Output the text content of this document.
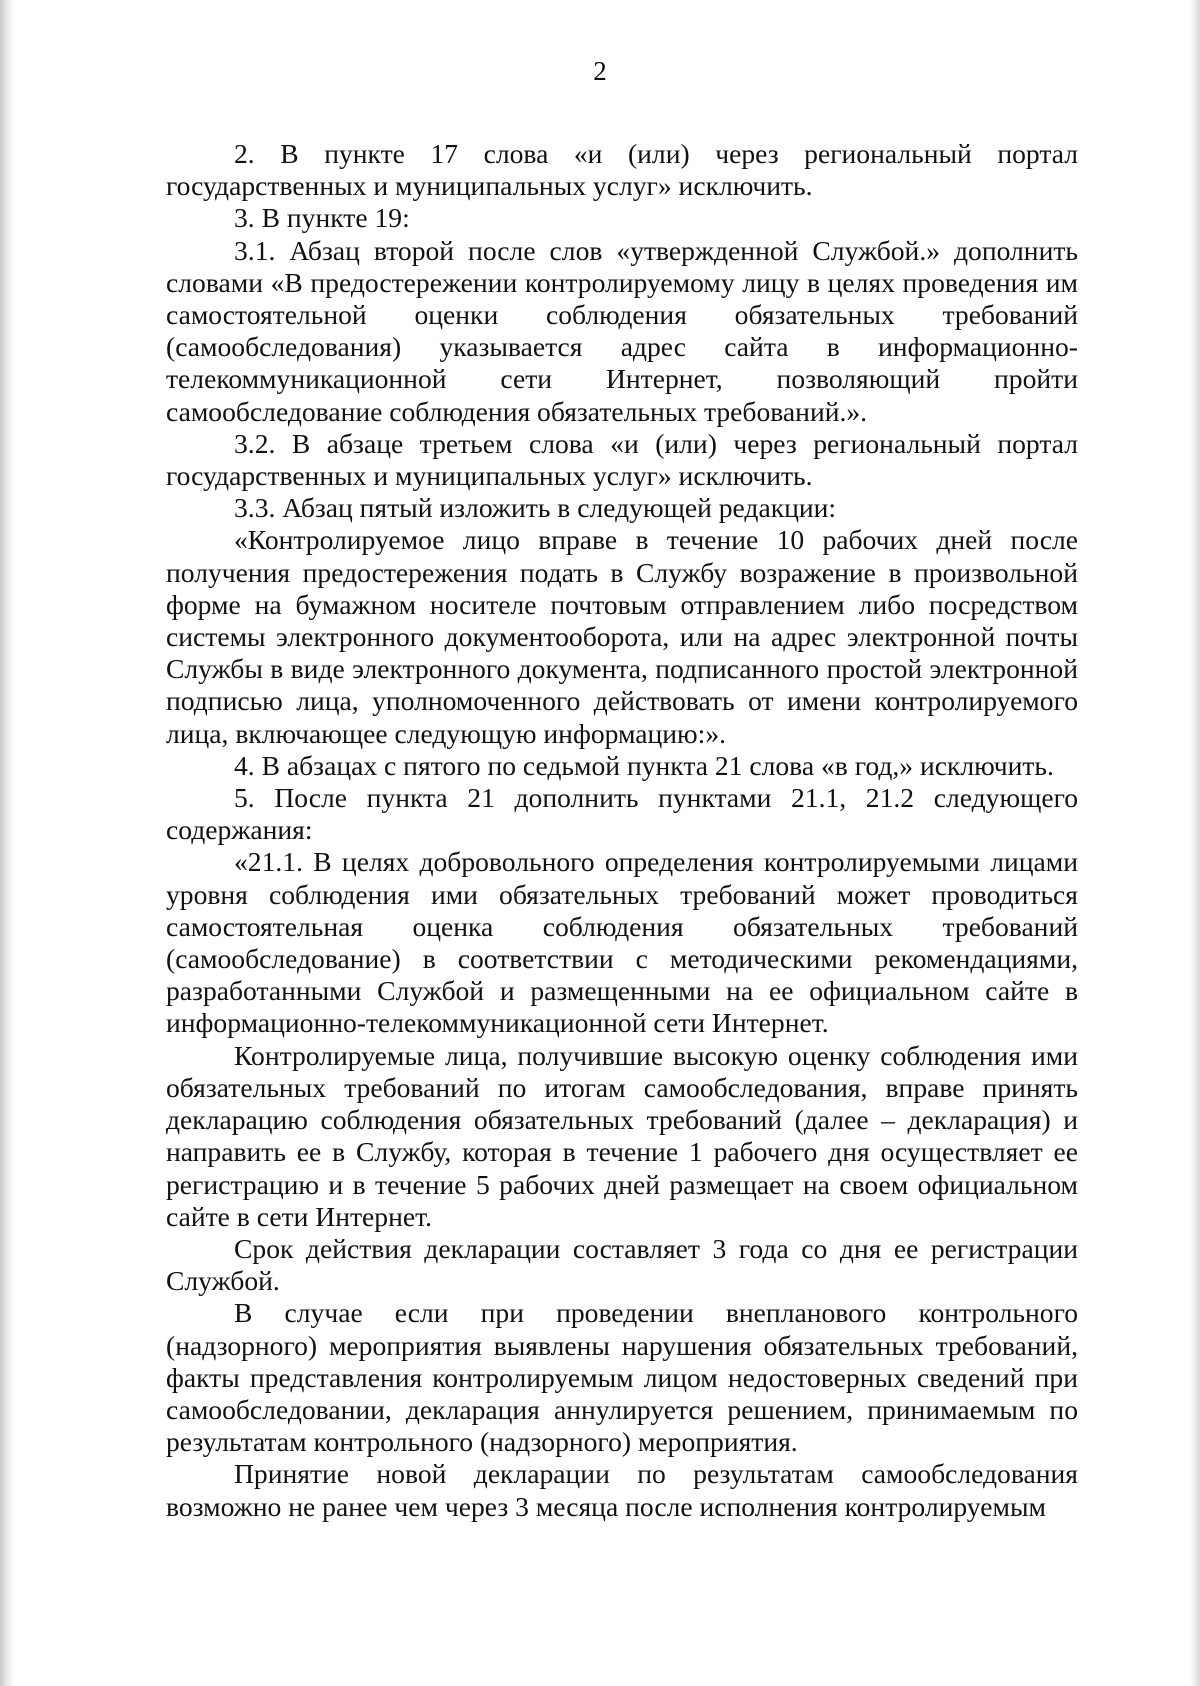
2

2. В пункте 17 слова «и (или) через региональный портал государственных и муниципальных услуг» исключить.

3. В пункте 19:

3.1. Абзац второй после слов «утвержденной Службой.» дополнить словами «В предостережении контролируемому лицу в целях проведения им самостоятельной оценки соблюдения обязательных требований (самообследования) указывается адрес сайта в информационно-телекоммуникационной сети Интернет, позволяющий пройти самообследование соблюдения обязательных требований.».

3.2. В абзаце третьем слова «и (или) через региональный портал государственных и муниципальных услуг» исключить.

3.3. Абзац пятый изложить в следующей редакции:

«Контролируемое лицо вправе в течение 10 рабочих дней после получения предостережения подать в Службу возражение в произвольной форме на бумажном носителе почтовым отправлением либо посредством системы электронного документооборота, или на адрес электронной почты Службы в виде электронного документа, подписанного простой электронной подписью лица, уполномоченного действовать от имени контролируемого лица, включающее следующую информацию:».

4. В абзацах с пятого по седьмой пункта 21 слова «в год,» исключить.

5. После пункта 21 дополнить пунктами 21.1, 21.2 следующего содержания:

«21.1. В целях добровольного определения контролируемыми лицами уровня соблюдения ими обязательных требований может проводиться самостоятельная оценка соблюдения обязательных требований (самообследование) в соответствии с методическими рекомендациями, разработанными Службой и размещенными на ее официальном сайте в информационно-телекоммуникационной сети Интернет.

Контролируемые лица, получившие высокую оценку соблюдения ими обязательных требований по итогам самообследования, вправе принять декларацию соблюдения обязательных требований (далее – декларация) и направить ее в Службу, которая в течение 1 рабочего дня осуществляет ее регистрацию и в течение 5 рабочих дней размещает на своем официальном сайте в сети Интернет.

Срок действия декларации составляет 3 года со дня ее регистрации Службой.

В случае если при проведении внепланового контрольного (надзорного) мероприятия выявлены нарушения обязательных требований, факты представления контролируемым лицом недостоверных сведений при самообследовании, декларация аннулируется решением, принимаемым по результатам контрольного (надзорного) мероприятия.

Принятие новой декларации по результатам самообследования возможно не ранее чем через 3 месяца после исполнения контролируемым
